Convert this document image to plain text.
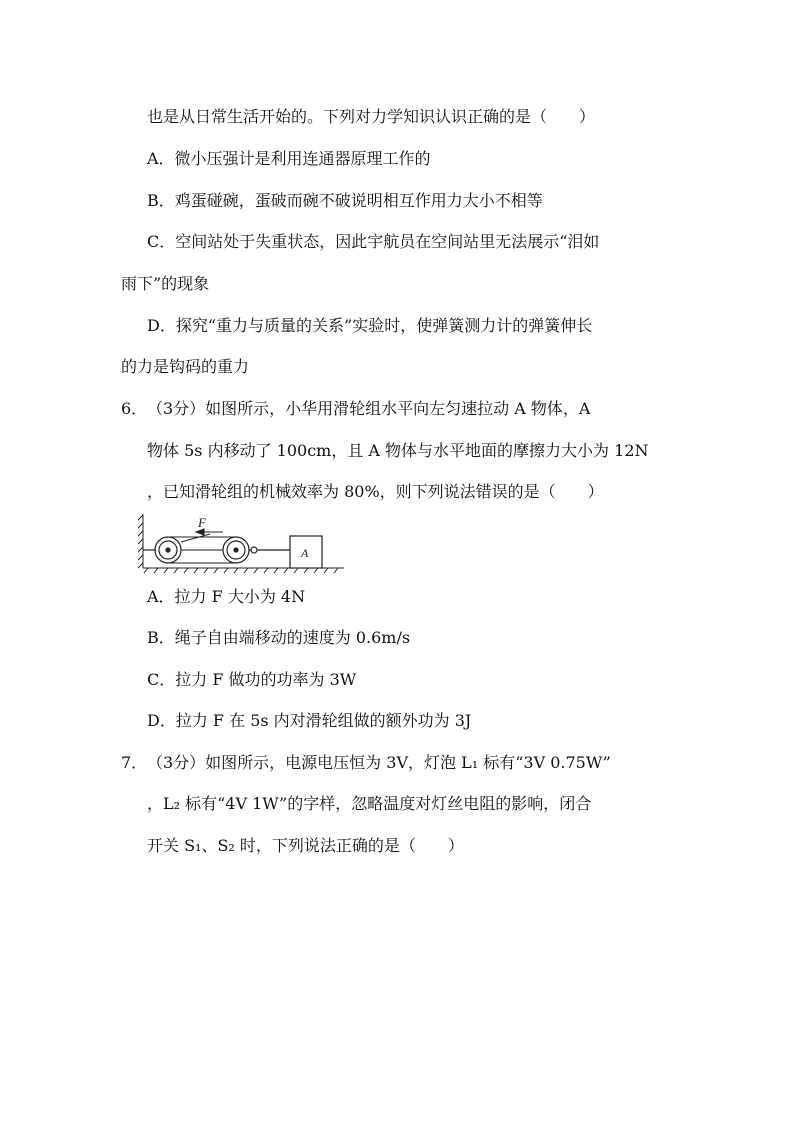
也是从日常生活开始的。下列对力学知识认识正确的是（　　）
A．微小压强计是利用连通器原理工作的
B．鸡蛋碰碗，蛋破而碗不破说明相互作用力大小不相等
C．空间站处于失重状态，因此宇航员在空间站里无法展示“泪如
雨下”的现象
D．探究“重力与质量的关系”实验时，使弹簧测力计的弹簧伸长
的力是钩码的重力
6． （3分）如图所示，小华用滑轮组水平向左匀速拉动 A 物体，A
物体 5s 内移动了 100cm，且 A 物体与水平地面的摩擦力大小为 12N
，已知滑轮组的机械效率为 80%，则下列说法错误的是（　　）
F
A
A．拉力 F 大小为 4N
B．绳子自由端移动的速度为 0.6m/s
C．拉力 F 做功的功率为 3W
D．拉力 F 在 5s 内对滑轮组做的额外功为 3J
7． （3分）如图所示，电源电压恒为 3V，灯泡 L₁ 标有“3V 0.75W”
，L₂ 标有“4V 1W”的字样，忽略温度对灯丝电阻的影响，闭合
开关 S₁、S₂ 时，下列说法正确的是（　　）
